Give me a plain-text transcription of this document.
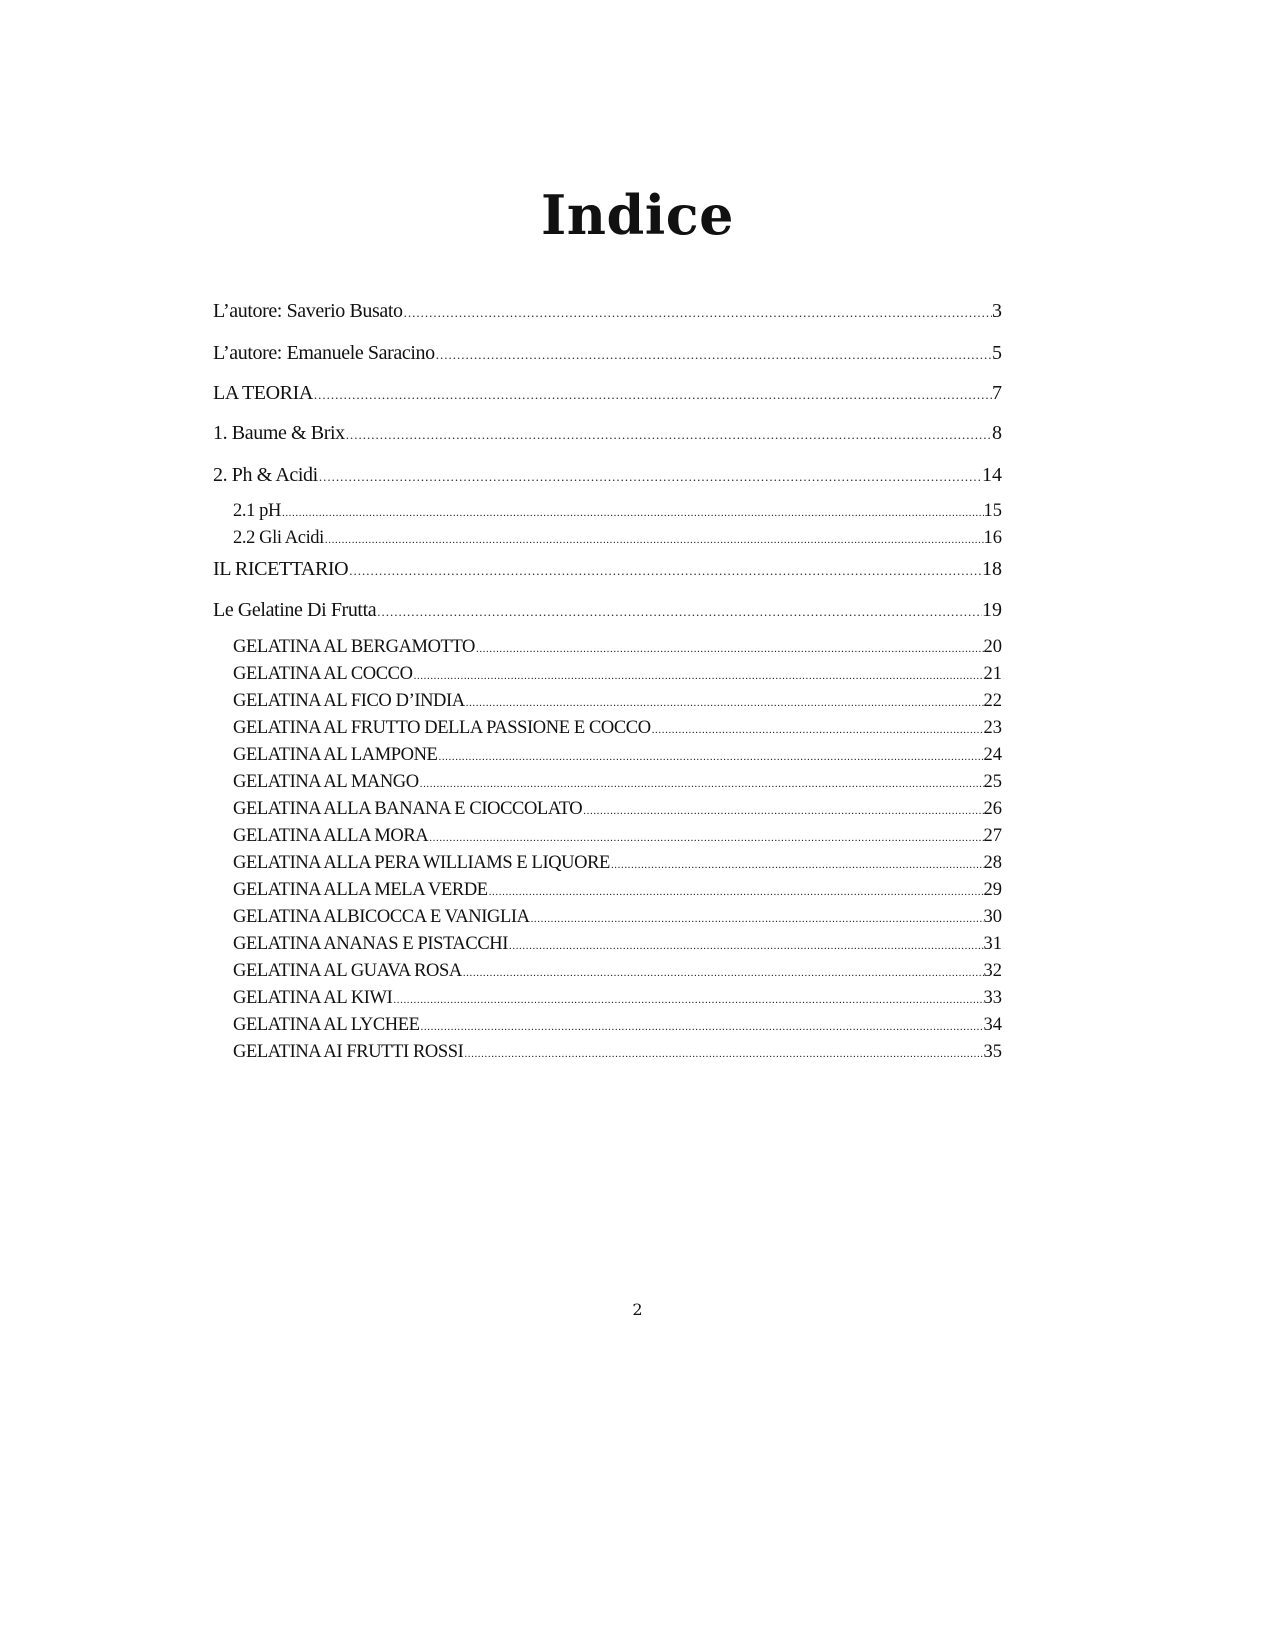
Indice
L’autore: Saverio Busato .....	3
L’autore: Emanuele Saracino .....	5
LA TEORIA .....	7
1. Baume & Brix .....	8
2. Ph & Acidi .....	14
2.1 pH .....	15
2.2 Gli Acidi .....	16
IL RICETTARIO .....	18
Le Gelatine Di Frutta .....	19
GELATINA AL BERGAMOTTO .....	20
GELATINA AL COCCO .....	21
GELATINA AL FICO D’INDIA .....	22
GELATINA AL FRUTTO DELLA PASSIONE E COCCO .....	23
GELATINA AL LAMPONE .....	24
GELATINA AL MANGO .....	25
GELATINA ALLA BANANA E CIOCCOLATO .....	26
GELATINA ALLA MORA .....	27
GELATINA ALLA PERA WILLIAMS E LIQUORE .....	28
GELATINA ALLA MELA VERDE .....	29
GELATINA ALBICOCCA E VANIGLIA .....	30
GELATINA ANANAS E PISTACCHI .....	31
GELATINA AL GUAVA ROSA .....	32
GELATINA AL KIWI .....	33
GELATINA AL LYCHEE .....	34
GELATINA AI FRUTTI ROSSI .....	35
2
